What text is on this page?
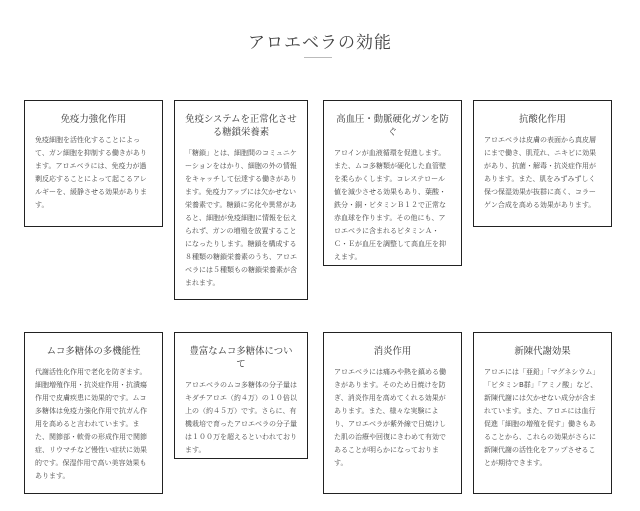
アロエベラの効能
免疫力強化作用

免疫細胞を活性化することによって、ガン細胞を抑制する働きがあります。アロエベラには、免疫力が過剰反応することによって起こるアレルギーを、緩静させる効果があります。

免疫システムを正常化させる糖鎖栄養素

「糖鎖」とは、細胞間のコミュニケーションをはかり、細胞の外の情報をキャッチして伝達する働きがあります。免疫力アップには欠かせない栄養素です。糖鎖に劣化や異常があると、細胞が免疫細胞に情報を伝えられず、ガンの増殖を放置することになったりします。糖鎖を構成する８種類の糖鎖栄養素のうち、アロエベラには５種類もの糖鎖栄養素が含まれます。

高血圧・動脈硬化ガンを防ぐ

アロインが血液循環を促進します。また、ムコ多糖類が硬化した血管壁を柔らかくします。コレステロール値を減少させる効果もあり、葉酸・鉄分・銅・ビタミンＢ１２で正常な赤血球を作ります。その他にも、アロエベラに含まれるビタミンＡ・Ｃ・Ｅが血圧を調整して高血圧を抑えます。

抗酸化作用

アロエベラは皮膚の表面から真皮層にまで働き、肌荒れ、ニキビに効果があり、抗菌・解毒・抗炎症作用があります。また、肌をみずみずしく保つ保湿効果が抜群に高く、コラーゲン合成を高める効果があります。

ムコ多糖体の多機能性

代謝活性化作用で老化を防ぎます。細胞増殖作用・抗炎症作用・抗潰瘍作用で皮膚疾患に効果的です。ムコ多糖体は免疫力強化作用で抗ガん作用を高めると言われています。また、関節部・軟骨の形成作用で関節症、リウマチなど慢性い症状に効果的です。保湿作用で高い美容効果もあります。

豊富なムコ多糖体について

アロエベラのムコ多糖体の分子量はキダチアロエ（約４万）の１０倍以上の（約４５万）です。さらに、有機栽培で育ったアロエベラの分子量は１００万を超えるといわれております。

消炎作用

アロエベラには痛みや熱を鎮める働きがあります。そのため日焼けを防ぎ、消炎作用を高めてくれる効果があります。また、様々な実験により、アロエベラが紫外線で日焼けした肌の治療や回復にきわめて有効であることが明らかになっております。

新陳代謝効果

アロエには「亜鉛」「マグネシウム」「ビタミンB群」「アミノ酸」など、新陳代謝には欠かせない成分が含まれています。また、アロエには血行促進「細胞の増殖を促す」働きもあることから、これらの効果がさらに新陳代謝の活性化をアップさせることが期待できます。
